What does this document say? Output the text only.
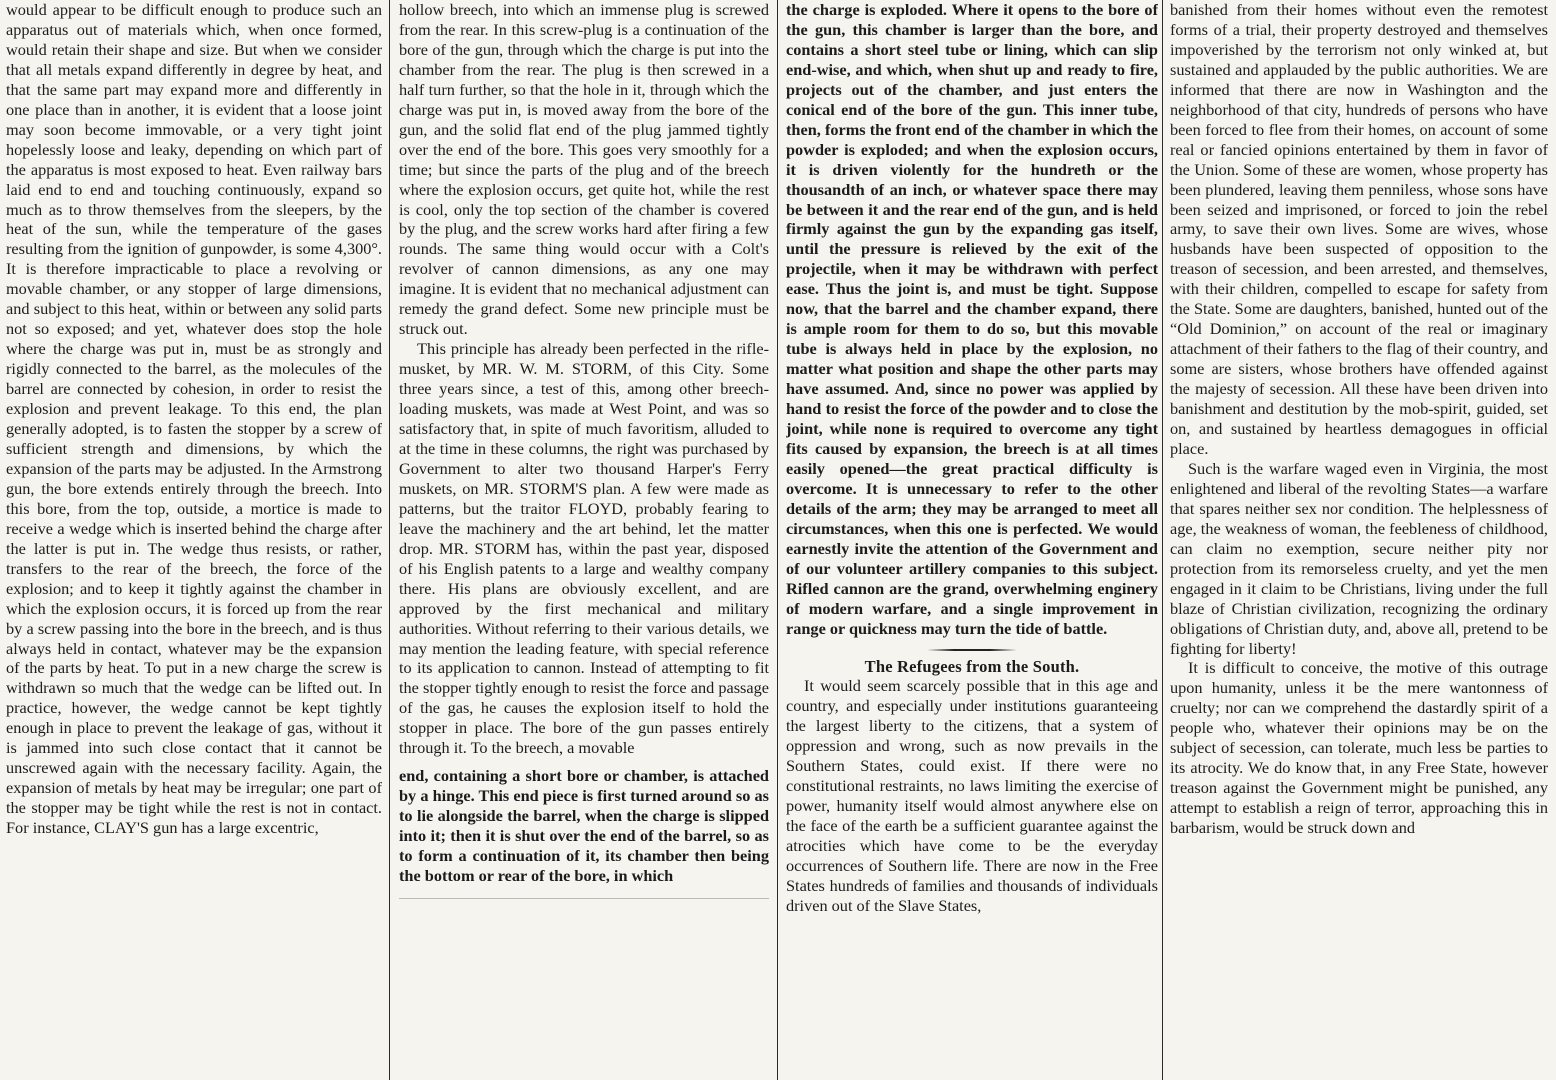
would appear to be difficult enough to produce such an apparatus out of materials which, when once formed, would retain their shape and size. But when we consider that all metals expand differently in degree by heat, and that the same part may expand more and differently in one place than in another, it is evident that a loose joint may soon become immovable, or a very tight joint hopelessly loose and leaky, depending on which part of the apparatus is most exposed to heat. Even railway bars laid end to end and touching continuously, expand so much as to throw themselves from the sleepers, by the heat of the sun, while the temperature of the gases resulting from the ignition of gunpowder, is some 4,300°. It is therefore impracticable to place a revolving or movable chamber, or any stopper of large dimensions, and subject to this heat, within or between any solid parts not so exposed; and yet, whatever does stop the hole where the charge was put in, must be as strongly and rigidly connected to the barrel, as the molecules of the barrel are connected by cohesion, in order to resist the explosion and prevent leakage. To this end, the plan generally adopted, is to fasten the stopper by a screw of sufficient strength and dimensions, by which the expansion of the parts may be adjusted. In the Armstrong gun, the bore extends entirely through the breech. Into this bore, from the top, outside, a mortice is made to receive a wedge which is inserted behind the charge after the latter is put in. The wedge thus resists, or rather, transfers to the rear of the breech, the force of the explosion; and to keep it tightly against the chamber in which the explosion occurs, it is forced up from the rear by a screw passing into the bore in the breech, and is thus always held in contact, whatever may be the expansion of the parts by heat. To put in a new charge the screw is withdrawn so much that the wedge can be lifted out. In practice, however, the wedge cannot be kept tightly enough in place to prevent the leakage of gas, without it is jammed into such close contact that it cannot be unscrewed again with the necessary facility. Again, the expansion of metals by heat may be irregular; one part of the stopper may be tight while the rest is not in contact. For instance, CLAY'S gun has a large excentric,

hollow breech, into which an immense plug is screwed from the rear. In this screw-plug is a continuation of the bore of the gun, through which the charge is put into the chamber from the rear. The plug is then screwed in a half turn further, so that the hole in it, through which the charge was put in, is moved away from the bore of the gun, and the solid flat end of the plug jammed tightly over the end of the bore. This goes very smoothly for a time; but since the parts of the plug and of the breech where the explosion occurs, get quite hot, while the rest is cool, only the top section of the chamber is covered by the plug, and the screw works hard after firing a few rounds. The same thing would occur with a Colt's revolver of cannon dimensions, as any one may imagine. It is evident that no mechanical adjustment can remedy the grand defect. Some new principle must be struck out.

This principle has already been perfected in the rifle-musket, by MR. W. M. STORM, of this City. Some three years since, a test of this, among other breech-loading muskets, was made at West Point, and was so satisfactory that, in spite of much favoritism, alluded to at the time in these columns, the right was purchased by Government to alter two thousand Harper's Ferry muskets, on MR. STORM'S plan. A few were made as patterns, but the traitor FLOYD, probably fearing to leave the machinery and the art behind, let the matter drop. MR. STORM has, within the past year, disposed of his English patents to a large and wealthy company there. His plans are obviously excellent, and are approved by the first mechanical and military authorities. Without referring to their various details, we may mention the leading feature, with special reference to its application to cannon. Instead of attempting to fit the stopper tightly enough to resist the force and passage of the gas, he causes the explosion itself to hold the stopper in place. The bore of the gun passes entirely through it. To the breech, a movable

end, containing a short bore or chamber, is attached by a hinge. This end piece is first turned around so as to lie alongside the barrel, when the charge is slipped into it; then it is shut over the end of the barrel, so as to form a continuation of it, its chamber then being the bottom or rear of the bore, in which

the charge is exploded. Where it opens to the bore of the gun, this chamber is larger than the bore, and contains a short steel tube or lining, which can slip end-wise, and which, when shut up and ready to fire, projects out of the chamber, and just enters the conical end of the bore of the gun. This inner tube, then, forms the front end of the chamber in which the powder is exploded; and when the explosion occurs, it is driven violently for the hundreth or the thousandth of an inch, or whatever space there may be between it and the rear end of the gun, and is held firmly against the gun by the expanding gas itself, until the pressure is relieved by the exit of the projectile, when it may be withdrawn with perfect ease. Thus the joint is, and must be tight. Suppose now, that the barrel and the chamber expand, there is ample room for them to do so, but this movable tube is always held in place by the explosion, no matter what position and shape the other parts may have assumed. And, since no power was applied by hand to resist the force of the powder and to close the joint, while none is required to overcome any tight fits caused by expansion, the breech is at all times easily opened—the great practical difficulty is overcome. It is unnecessary to refer to the other details of the arm; they may be arranged to meet all circumstances, when this one is perfected. We would earnestly invite the attention of the Government and of our volunteer artillery companies to this subject. Rifled cannon are the grand, overwhelming enginery of modern warfare, and a single improvement in range or quickness may turn the tide of battle.

The Refugees from the South.

It would seem scarcely possible that in this age and country, and especially under institutions guaranteeing the largest liberty to the citizens, that a system of oppression and wrong, such as now prevails in the Southern States, could exist. If there were no constitutional restraints, no laws limiting the exercise of power, humanity itself would almost anywhere else on the face of the earth be a sufficient guarantee against the atrocities which have come to be the everyday occurrences of Southern life. There are now in the Free States hundreds of families and thousands of individuals driven out of the Slave States,

banished from their homes without even the remotest forms of a trial, their property destroyed and themselves impoverished by the terrorism not only winked at, but sustained and applauded by the public authorities. We are informed that there are now in Washington and the neighborhood of that city, hundreds of persons who have been forced to flee from their homes, on account of some real or fancied opinions entertained by them in favor of the Union. Some of these are women, whose property has been plundered, leaving them penniless, whose sons have been seized and imprisoned, or forced to join the rebel army, to save their own lives. Some are wives, whose husbands have been suspected of opposition to the treason of secession, and been arrested, and themselves, with their children, compelled to escape for safety from the State. Some are daughters, banished, hunted out of the “Old Dominion,” on account of the real or imaginary attachment of their fathers to the flag of their country, and some are sisters, whose brothers have offended against the majesty of secession. All these have been driven into banishment and destitution by the mob-spirit, guided, set on, and sustained by heartless demagogues in official place.

Such is the warfare waged even in Virginia, the most enlightened and liberal of the revolting States—a warfare that spares neither sex nor condition. The helplessness of age, the weakness of woman, the feebleness of childhood, can claim no exemption, secure neither pity nor protection from its remorseless cruelty, and yet the men engaged in it claim to be Christians, living under the full blaze of Christian civilization, recognizing the ordinary obligations of Christian duty, and, above all, pretend to be fighting for liberty!

It is difficult to conceive, the motive of this outrage upon humanity, unless it be the mere wantonness of cruelty; nor can we comprehend the dastardly spirit of a people who, whatever their opinions may be on the subject of secession, can tolerate, much less be parties to its atrocity. We do know that, in any Free State, however treason against the Government might be punished, any attempt to establish a reign of terror, approaching this in barbarism, would be struck down and
